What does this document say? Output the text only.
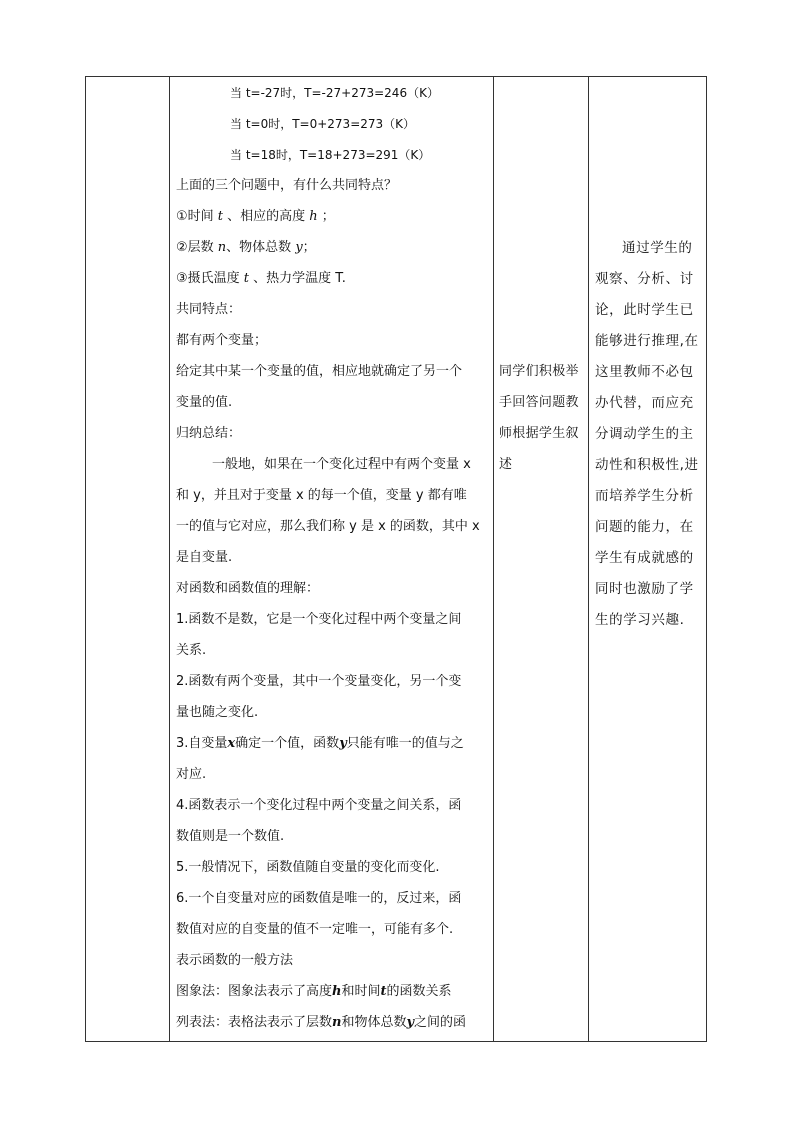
当 t=-27时，T=-27+273=246（K）
当 t=0时，T=0+273=273（K）
当 t=18时，T=18+273=291（K）
上面的三个问题中，有什么共同特点？
①时间 t 、相应的高度 h ；
②层数 n、物体总数 y；
③摄氏温度 t 、热力学温度 T.
共同特点：
都有两个变量；
给定其中某一个变量的值，相应地就确定了另一个
变量的值.
归纳总结：
一般地，如果在一个变化过程中有两个变量 x
和 y，并且对于变量 x 的每一个值，变量 y 都有唯
一的值与它对应，那么我们称 y 是 x 的函数，其中 x
是自变量.
对函数和函数值的理解：
1.函数不是数，它是一个变化过程中两个变量之间
关系.
2.函数有两个变量，其中一个变量变化，另一个变
量也随之变化.
3.自变量x确定一个值，函数y只能有唯一的值与之
对应.
4.函数表示一个变化过程中两个变量之间关系，函
数值则是一个数值.
5.一般情况下，函数值随自变量的变化而变化.
6.一个自变量对应的函数值是唯一的，反过来，函
数值对应的自变量的值不一定唯一，可能有多个.
表示函数的一般方法
图象法：图象法表示了高度h和时间t的函数关系
列表法：表格法表示了层数n和物体总数y之间的函
同学们积极举
手回答问题教
师根据学生叙
述
通过学生的
观察、分析、讨
论，此时学生已
能够进行推理,在
这里教师不必包
办代替，而应充
分调动学生的主
动性和积极性,进
而培养学生分析
问题的能力，在
学生有成就感的
同时也激励了学
生的学习兴趣.
